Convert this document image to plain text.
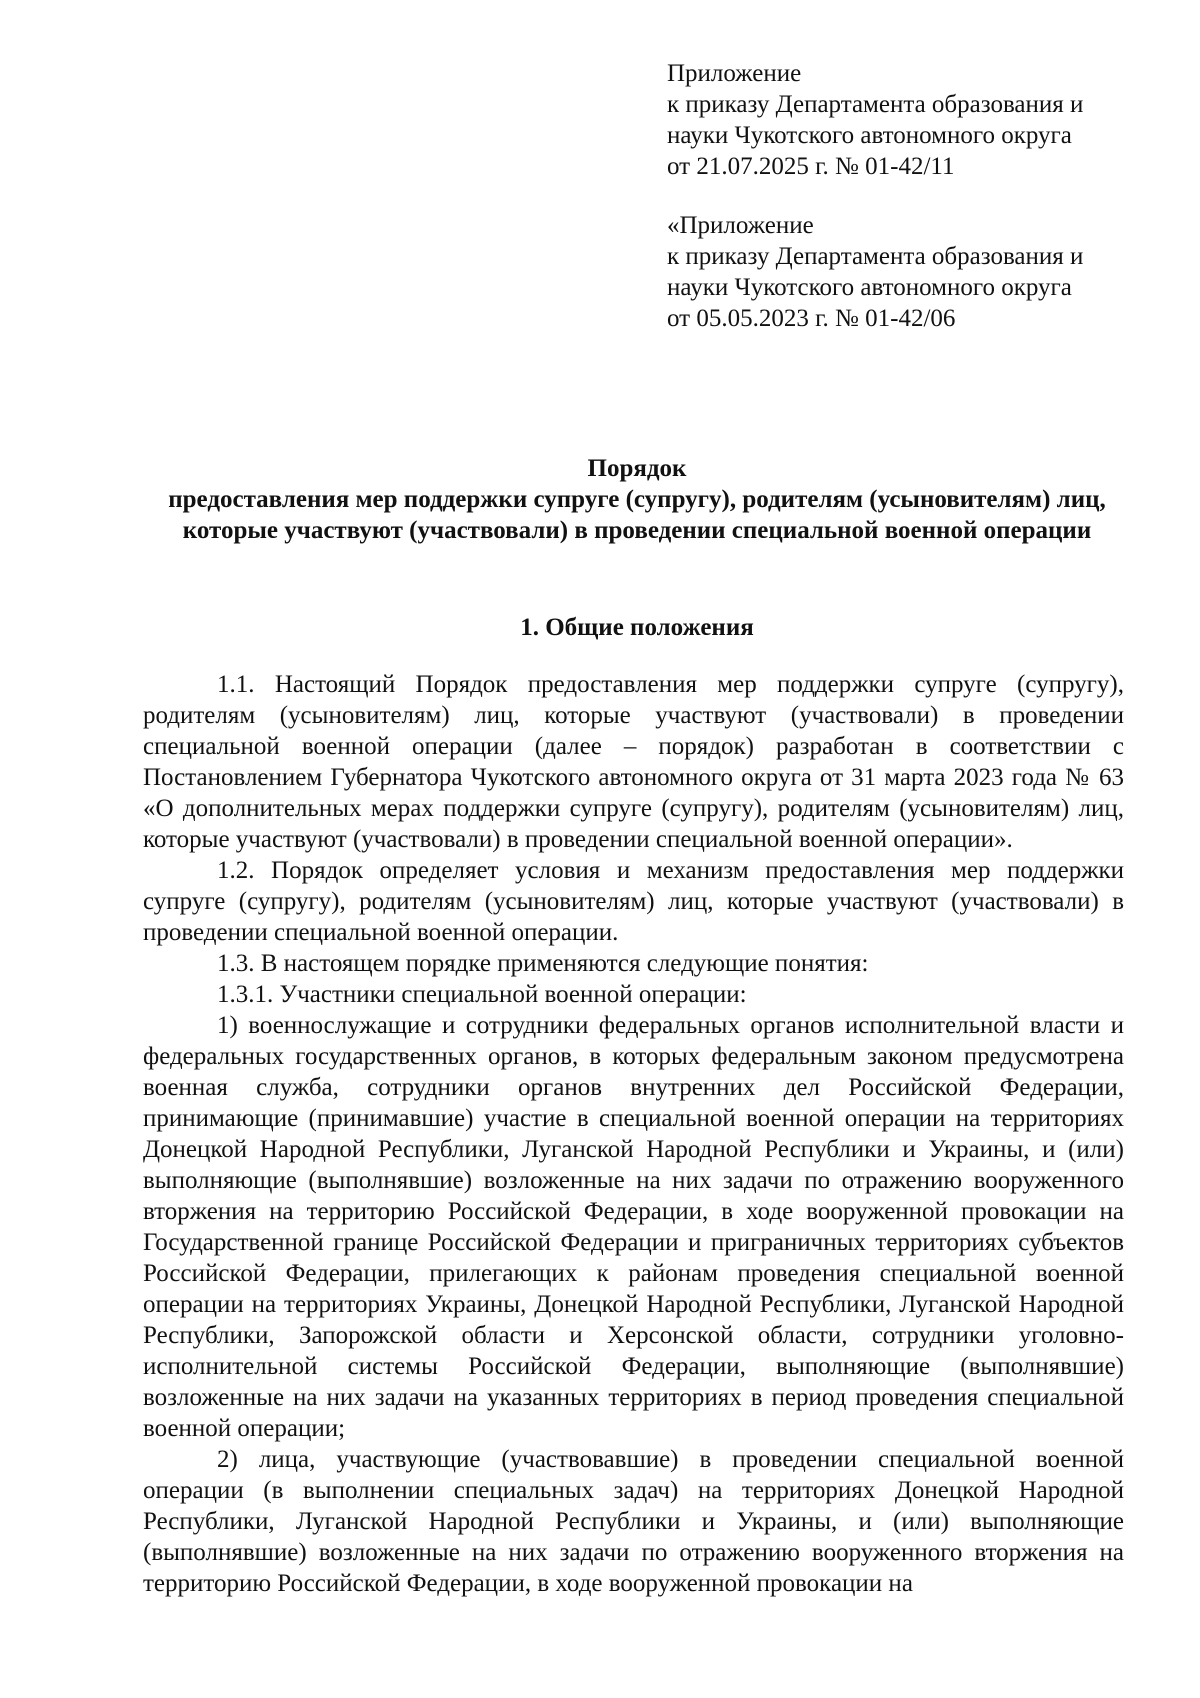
Приложение
к приказу Департамента образования и
науки Чукотского автономного округа
от 21.07.2025 г. № 01-42/11
«Приложение
к приказу Департамента образования и
науки Чукотского автономного округа
от 05.05.2023 г. № 01-42/06
Порядок
предоставления мер поддержки супруге (супругу), родителям (усыновителям) лиц, которые участвуют (участвовали) в проведении специальной военной операции
1. Общие положения

1.1. Настоящий Порядок предоставления мер поддержки супруге (супругу), родителям (усыновителям) лиц, которые участвуют (участвовали) в проведении специальной военной операции (далее – порядок) разработан в соответствии с Постановлением Губернатора Чукотского автономного округа от 31 марта 2023 года № 63 «О дополнительных мерах поддержки супруге (супругу), родителям (усыновителям) лиц, которые участвуют (участвовали) в проведении специальной военной операции».

1.2. Порядок определяет условия и механизм предоставления мер поддержки супруге (супругу), родителям (усыновителям) лиц, которые участвуют (участвовали) в проведении специальной военной операции.

1.3. В настоящем порядке применяются следующие понятия:

1.3.1. Участники специальной военной операции:

1) военнослужащие и сотрудники федеральных органов исполнительной власти и федеральных государственных органов, в которых федеральным законом предусмотрена военная служба, сотрудники органов внутренних дел Российской Федерации, принимающие (принимавшие) участие в специальной военной операции на территориях Донецкой Народной Республики, Луганской Народной Республики и Украины, и (или) выполняющие (выполнявшие) возложенные на них задачи по отражению вооруженного вторжения на территорию Российской Федерации, в ходе вооруженной провокации на Государственной границе Российской Федерации и приграничных территориях субъектов Российской Федерации, прилегающих к районам проведения специальной военной операции на территориях Украины, Донецкой Народной Республики, Луганской Народной Республики, Запорожской области и Херсонской области, сотрудники уголовно-исполнительной системы Российской Федерации, выполняющие (выполнявшие) возложенные на них задачи на указанных территориях в период проведения специальной военной операции;

2) лица, участвующие (участвовавшие) в проведении специальной военной операции (в выполнении специальных задач) на территориях Донецкой Народной Республики, Луганской Народной Республики и Украины, и (или) выполняющие (выполнявшие) возложенные на них задачи по отражению вооруженного вторжения на территорию Российской Федерации, в ходе вооруженной провокации на
